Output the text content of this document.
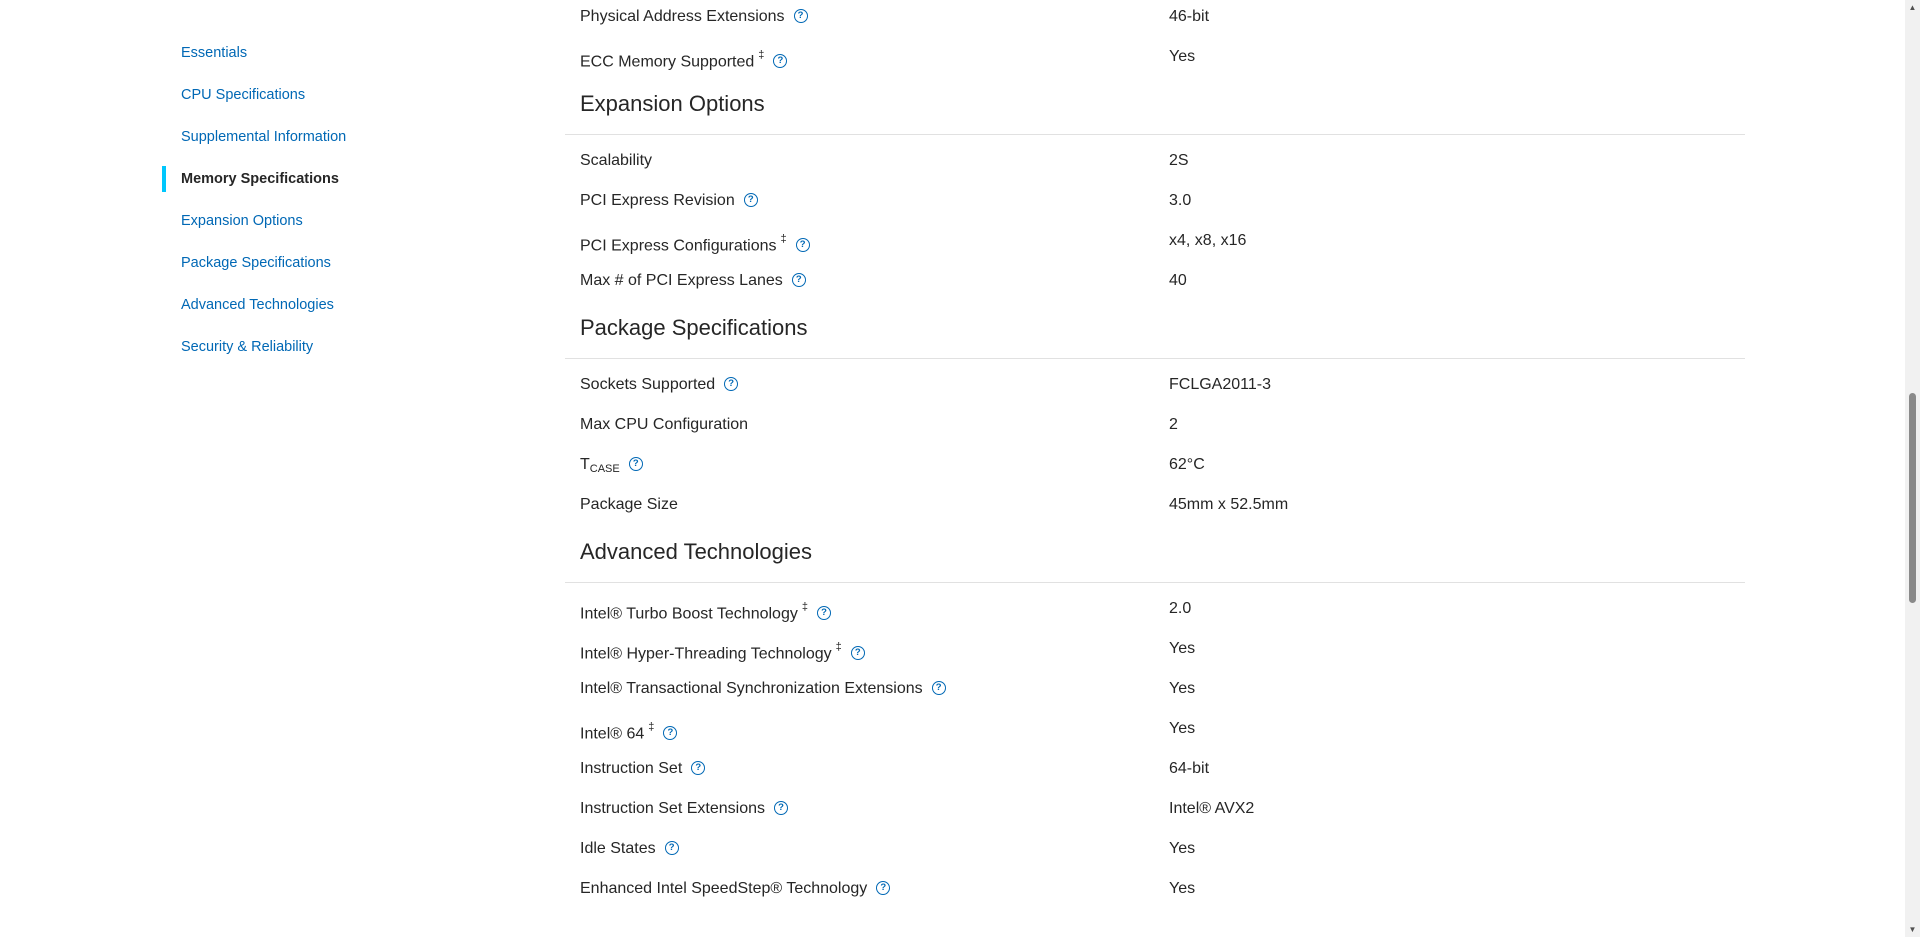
Essentials
CPU Specifications
Supplemental Information
Memory Specifications
Expansion Options
Package Specifications
Advanced Technologies
Security & Reliability
Physical Address Extensions ?	46-bit
ECC Memory Supported ‡ ?	Yes
Expansion Options
Scalability	2S
PCI Express Revision ?	3.0
PCI Express Configurations ‡ ?	x4, x8, x16
Max # of PCI Express Lanes ?	40
Package Specifications
Sockets Supported ?	FCLGA2011-3
Max CPU Configuration	2
TCASE ?	62°C
Package Size	45mm x 52.5mm
Advanced Technologies
Intel® Turbo Boost Technology ‡ ?	2.0
Intel® Hyper-Threading Technology ‡ ?	Yes
Intel® Transactional Synchronization Extensions ?	Yes
Intel® 64 ‡ ?	Yes
Instruction Set ?	64-bit
Instruction Set Extensions ?	Intel® AVX2
Idle States ?	Yes
Enhanced Intel SpeedStep® Technology ?	Yes
▲
▼
